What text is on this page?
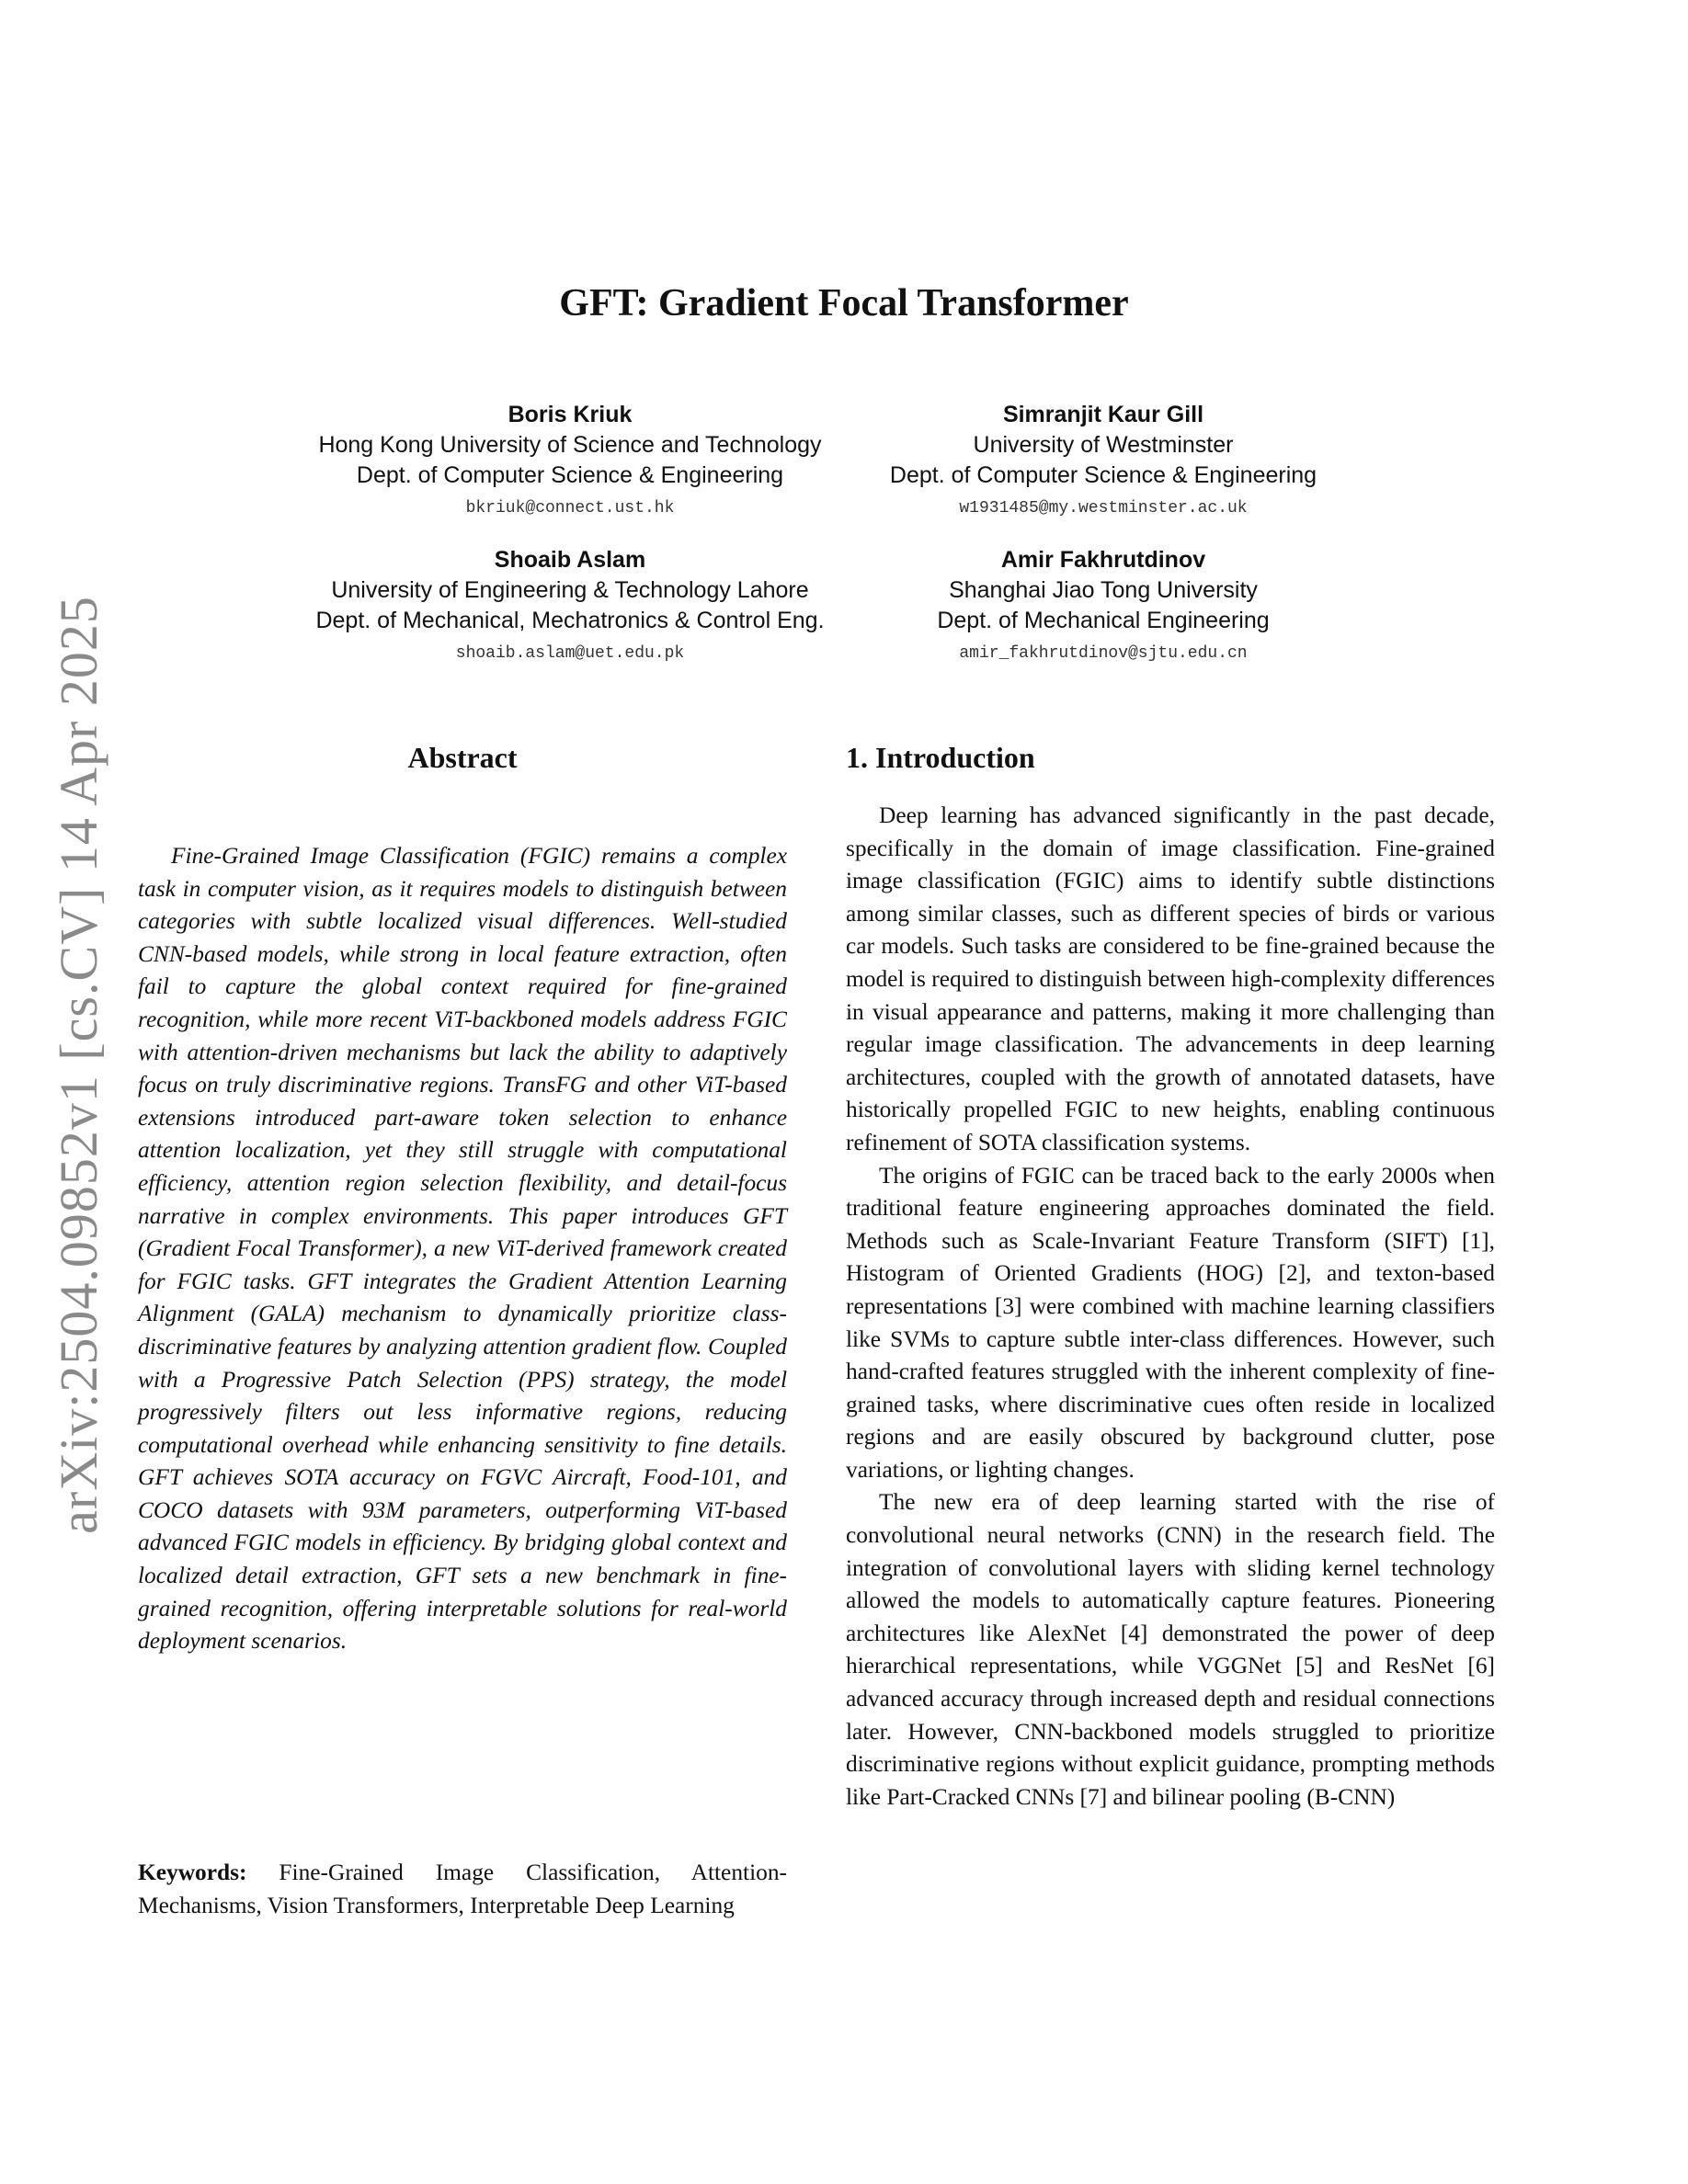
arXiv:2504.09852v1 [cs.CV] 14 Apr 2025
GFT: Gradient Focal Transformer
Boris Kriuk
Hong Kong University of Science and Technology
Dept. of Computer Science & Engineering
bkriuk@connect.ust.hk
Simranjit Kaur Gill
University of Westminster
Dept. of Computer Science & Engineering
w1931485@my.westminster.ac.uk
Shoaib Aslam
University of Engineering & Technology Lahore
Dept. of Mechanical, Mechatronics & Control Eng.
shoaib.aslam@uet.edu.pk
Amir Fakhrutdinov
Shanghai Jiao Tong University
Dept. of Mechanical Engineering
amir_fakhrutdinov@sjtu.edu.cn
Abstract
Fine-Grained Image Classification (FGIC) remains a complex task in computer vision, as it requires models to distinguish between categories with subtle localized visual differences. Well-studied CNN-based models, while strong in local feature extraction, often fail to capture the global context required for fine-grained recognition, while more recent ViT-backboned models address FGIC with attention-driven mechanisms but lack the ability to adaptively focus on truly discriminative regions. TransFG and other ViT-based extensions introduced part-aware token selection to enhance attention localization, yet they still struggle with computational efficiency, attention region selection flexibility, and detail-focus narrative in complex environments. This paper introduces GFT (Gradient Focal Transformer), a new ViT-derived framework created for FGIC tasks. GFT integrates the Gradient Attention Learning Alignment (GALA) mechanism to dynamically prioritize class-discriminative features by analyzing attention gradient flow. Coupled with a Progressive Patch Selection (PPS) strategy, the model progressively filters out less informative regions, reducing computational overhead while enhancing sensitivity to fine details. GFT achieves SOTA accuracy on FGVC Aircraft, Food-101, and COCO datasets with 93M parameters, outperforming ViT-based advanced FGIC models in efficiency. By bridging global context and localized detail extraction, GFT sets a new benchmark in fine-grained recognition, offering interpretable solutions for real-world deployment scenarios.
Keywords: Fine-Grained Image Classification, Attention-Mechanisms, Vision Transformers, Interpretable Deep Learning
1. Introduction

Deep learning has advanced significantly in the past decade, specifically in the domain of image classification. Fine-grained image classification (FGIC) aims to identify subtle distinctions among similar classes, such as different species of birds or various car models. Such tasks are considered to be fine-grained because the model is required to distinguish between high-complexity differences in visual appearance and patterns, making it more challenging than regular image classification. The advancements in deep learning architectures, coupled with the growth of annotated datasets, have historically propelled FGIC to new heights, enabling continuous refinement of SOTA classification systems.

The origins of FGIC can be traced back to the early 2000s when traditional feature engineering approaches dominated the field. Methods such as Scale-Invariant Feature Transform (SIFT) [1], Histogram of Oriented Gradients (HOG) [2], and texton-based representations [3] were combined with machine learning classifiers like SVMs to capture subtle inter-class differences. However, such hand-crafted features struggled with the inherent complexity of fine-grained tasks, where discriminative cues often reside in localized regions and are easily obscured by background clutter, pose variations, or lighting changes.

The new era of deep learning started with the rise of convolutional neural networks (CNN) in the research field. The integration of convolutional layers with sliding kernel technology allowed the models to automatically capture features. Pioneering architectures like AlexNet [4] demonstrated the power of deep hierarchical representations, while VGGNet [5] and ResNet [6] advanced accuracy through increased depth and residual connections later. However, CNN-backboned models struggled to prioritize discriminative regions without explicit guidance, prompting methods like Part-Cracked CNNs [7] and bilinear pooling (B-CNN)
